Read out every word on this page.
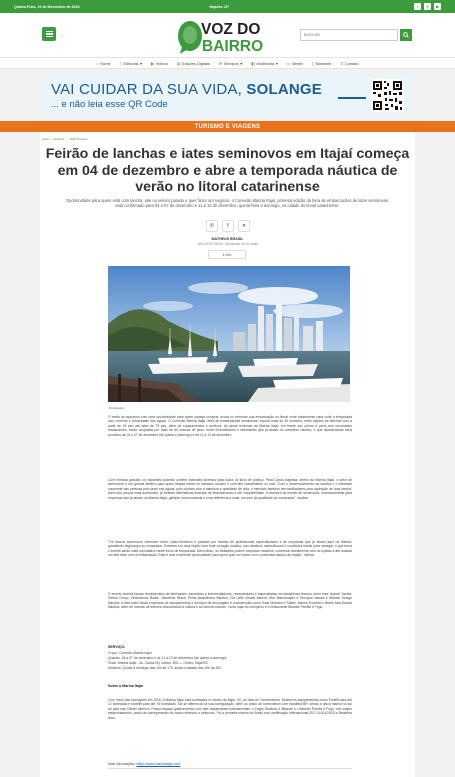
Quarta-Feira, 19 de Novembro de 2025	Itajaí/sc 20°	f	◎	▶
VOZ DO
BAIRRO
BUSCAR
⌂ Home ≡ Editorias ▾ ▶ Vídeos ▤ Edições Digitais ⚙ Serviços ▾ ◧ Multimídia ▾ ▭ Webtv ▯ Mobiweb ✆ Contato
VAI CUIDAR DA SUA VIDA, SOLANGE
... e não leia esse QR Code
TURISMO E VIAGENS
Início › Editoria › 2025 Outubro
Feirão de lanchas e iates seminovos em Itajaí começa em 04 de dezembro e abre a temporada náutica de verão no litoral catarinense

Oportunidade para quem está com lancha, iate ou veleiro parado e quer fazer um negócio, o Conexão Marina Itajaí, primeira edição da feira de embarcações de lazer seminovas, está confirmado para 04 a 07 de dezembro e 11 a 13 de dezembro, quinta-feira a domingo, na cidade do litoral catarinense.

✆	f	✕
MATHEUS BRASIL
18/11/2025 09h35 · Atualizado há 15 horas
4 Min
Divulgação

O verão se aproxima com uma oportunidade para quem planeja comprar, trocar ou reformar sua embarcação no litoral norte catarinense para curtir a temporada com conforto e privacidade nas águas. O Conexão Marina Itajaí, feira de embarcações seminovas, exporá mais de 30 modelos, entre opções de lanchas com a partir de 18 pés até iates de 75 pés, além de equipamentos e serviços. As áreas externas da Marina Itajaí, em frente aos píeres e perto dos renomados restaurantes, serão ocupadas por mais de 40 marcas de peso, entre revendedores e fabricantes que já atuam no complexo náutico, e que apresentarão seus produtos de 04 a 07 de dezembro (de quinta a domingo) e de 11 a 13 de dezembro.

Com entrada gratuita, os visitantes poderão conferir estandes diversos para todos os tipos de público. Para Carlos Baptista, diretor da Marina Itajaí, o setor de seminovos é um grande atrativo para quem deseja iniciar no mercado náutico e com alto investimento no mar. "Com o desenvolvimento da náutica e o interesse crescente das pessoas pelo lazer nas águas, pelo contato com a natureza e qualidade de vida, o mercado também tem facilitadores para aquisição de uma lancha. Além dos preços mais acessíveis, já existem alternativas diversas de financiamento e até compartilhado. A abertura do evento de seminovos, exclusivamente para empresas que já atuam na Marina Itajaí, garante uma curadoria e uma referência a mais, um selo de qualidade ao comprador", explica.

"Os barcos seminovos oferecem ótimo custo-benefício e passam por revisão de profissionais especializados e de empresas que já atuam aqui na Marina, garantindo segurança ao comprador. Estamos em uma região com forte vocação náutica, com destinos maravilhosos e condições ideais para navegar, o que torna o evento ainda mais convidativo neste início de temporada. Além disso, os visitantes podem comparar modelos, conversar diretamente com os lojistas e até realizar um test drive com a embarcação. Esta é uma excelente oportunidade para quem quer um barco com o potencial náutico da região", afirma.

O evento reunirá nomes reconhecidos de fabricantes, escritórios e intermediadores, revendedores e especialistas em assistência técnica, entre eles: Azimut Yachts, Sedna Group, Obsessions Boats, Yachtblue Brasil, Prime Assistência Náutica, Cia Latin Vessel Marine, Mar Manutenção e Serviços Navais e Atlantic Design Náutica. A lista inclui ainda empresas de equipamentos e serviços de ancoragem e manutenção como Solar Motores e Solbis, Marine Express e Brasil Zata Escola Náutica, além de marcas de setores relacionados à cultura e ao turismo náutico, como lojas do complexo e o restaurante Bikaner Parrilla e Fogo.

SERVIÇO:
O que: Conexão Marina Itajaí
Quando: 04 a 07 de dezembro e de 11 a 13 de dezembro (de quinta a domingo)
Onde: Marina Itajaí - Av. Carlos Ely Castro, 300 — Centro, Itajaí/SC
Horários: Quinta a domingo das 10h às 17h, sexta e sábado das 10h às 20h
Sobre a Marina Itajaí

Com início das operações em 2016, a Marina Itajaí está localizada no centro de Itajaí, SC, ao lado do Centreventos. Modernos equipamentos como Forklift para até 12 toneladas e travelift para até 75 toneladas. Ela se diferencia na sua configuração, além do posto de combustível com bandeira BR, sendo a única marina no sul do país com Diesel Veleiros. Possui espaço gastronômico com dois restaurantes internacionais, o Zeglio Seafood & Bikaner e o Bikaner Parrilla e Fogo, com amplo estacionamento, ponto de carregamento de carros elétricos e heliponto. Foi a primeira marina do Brasil com certificação internacional ISO 14.001/2015 e Bandeira Azul.

Mais informações: https://www.marinaitajai.com/
